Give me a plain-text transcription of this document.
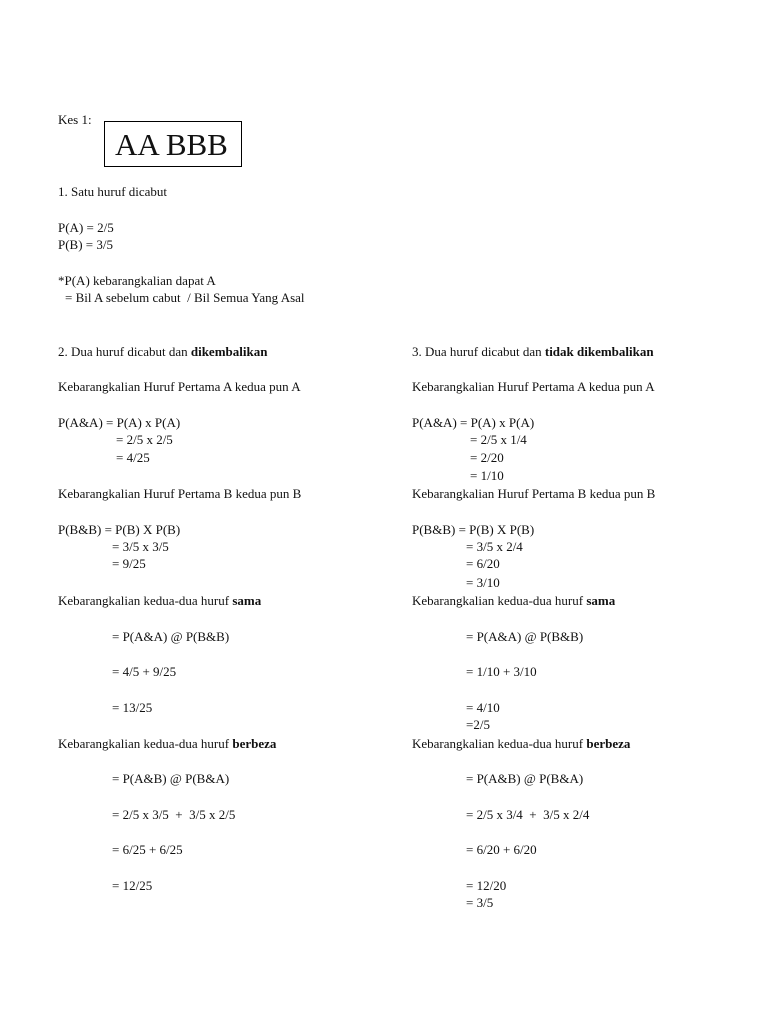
Kes 1:
AA BBB
1. Satu huruf dicabut
P(A) = 2/5
P(B) = 3/5
*P(A) kebarangkalian dapat A
= Bil A sebelum cabut  / Bil Semua Yang Asal
2. Dua huruf dicabut dan dikembalikan
Kebarangkalian Huruf Pertama A kedua pun A
P(A&A) = P(A) x P(A)
= 2/5 x 2/5
= 4/25
Kebarangkalian Huruf Pertama B kedua pun B
P(B&B) = P(B) X P(B)
= 3/5 x 3/5
= 9/25
Kebarangkalian kedua-dua huruf sama
= P(A&A) @ P(B&B)
= 4/5 + 9/25
= 13/25
Kebarangkalian kedua-dua huruf berbeza
= P(A&B) @ P(B&A)
= 2/5 x 3/5  +  3/5 x 2/5
= 6/25 + 6/25
= 12/25
3. Dua huruf dicabut dan tidak dikembalikan
Kebarangkalian Huruf Pertama A kedua pun A
P(A&A) = P(A) x P(A)
= 2/5 x 1/4
= 2/20
= 1/10
Kebarangkalian Huruf Pertama B kedua pun B
P(B&B) = P(B) X P(B)
= 3/5 x 2/4
= 6/20
= 3/10
Kebarangkalian kedua-dua huruf sama
= P(A&A) @ P(B&B)
= 1/10 + 3/10
= 4/10
=2/5
Kebarangkalian kedua-dua huruf berbeza
= P(A&B) @ P(B&A)
= 2/5 x 3/4  +  3/5 x 2/4
= 6/20 + 6/20
= 12/20
= 3/5
